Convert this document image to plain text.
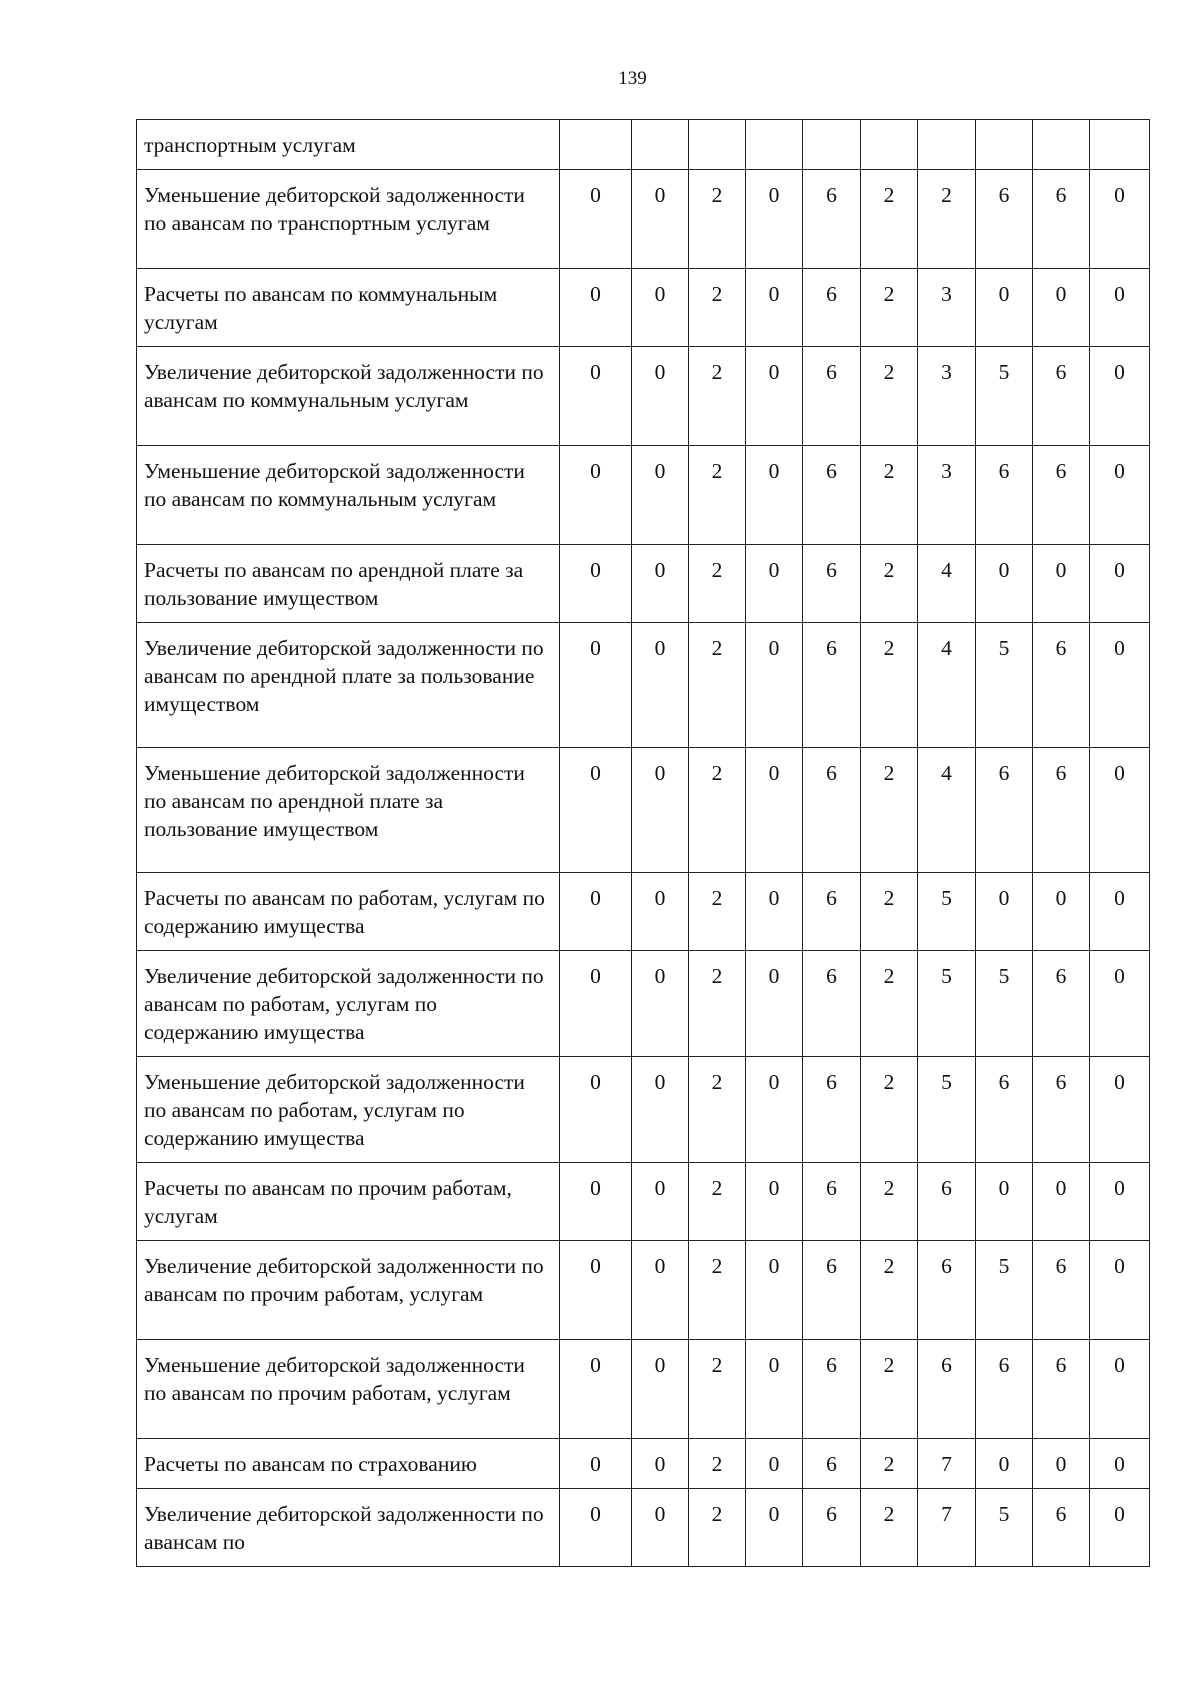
139
транспортным услугам										
Уменьшение дебиторской задолженности по авансам по транспортным услугам	0	0	2	0	6	2	2	6	6	0
Расчеты по авансам по коммунальным услугам	0	0	2	0	6	2	3	0	0	0
Увеличение дебиторской задолженности по авансам по коммунальным услугам	0	0	2	0	6	2	3	5	6	0
Уменьшение дебиторской задолженности по авансам по коммунальным услугам	0	0	2	0	6	2	3	6	6	0
Расчеты по авансам по арендной плате за пользование имуществом	0	0	2	0	6	2	4	0	0	0
Увеличение дебиторской задолженности по авансам по арендной плате за пользование имуществом	0	0	2	0	6	2	4	5	6	0
Уменьшение дебиторской задолженности по авансам по арендной плате за пользование имуществом	0	0	2	0	6	2	4	6	6	0
Расчеты по авансам по работам, услугам по содержанию имущества	0	0	2	0	6	2	5	0	0	0
Увеличение дебиторской задолженности по авансам по работам, услугам по содержанию имущества	0	0	2	0	6	2	5	5	6	0
Уменьшение дебиторской задолженности по авансам по работам, услугам по содержанию имущества	0	0	2	0	6	2	5	6	6	0
Расчеты по авансам по прочим работам, услугам	0	0	2	0	6	2	6	0	0	0
Увеличение дебиторской задолженности по авансам по прочим работам, услугам	0	0	2	0	6	2	6	5	6	0
Уменьшение дебиторской задолженности по авансам по прочим работам, услугам	0	0	2	0	6	2	6	6	6	0
Расчеты по авансам по страхованию	0	0	2	0	6	2	7	0	0	0
Увеличение дебиторской задолженности по авансам по	0	0	2	0	6	2	7	5	6	0
